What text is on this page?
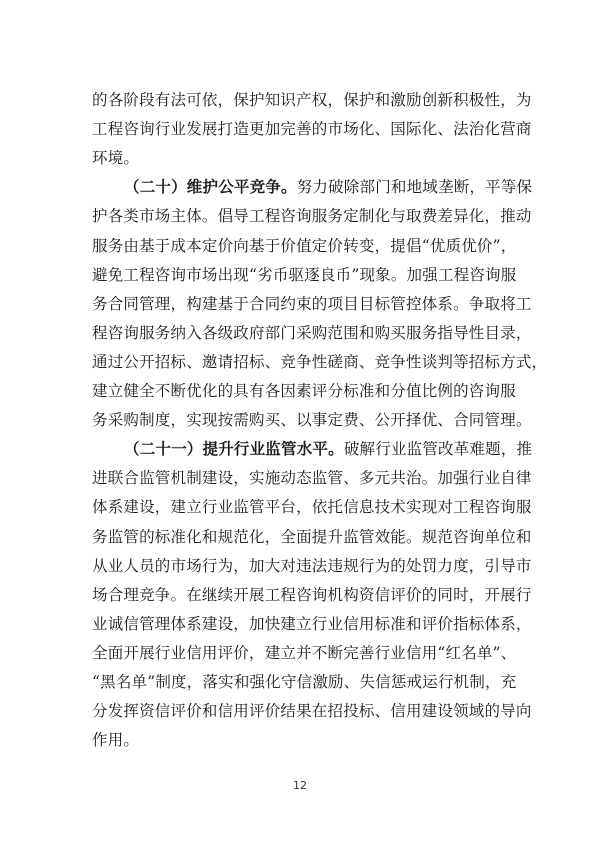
12
的各阶段有法可依，保护知识产权，保护和激励创新积极性，为
工程咨询行业发展打造更加完善的市场化、国际化、法治化营商
环境。
（二十）维护公平竞争。努力破除部门和地域垄断，平等保
护各类市场主体。倡导工程咨询服务定制化与取费差异化，推动
服务由基于成本定价向基于价值定价转变，提倡“优质优价”，
避免工程咨询市场出现“劣币驱逐良币”现象。加强工程咨询服
务合同管理，构建基于合同约束的项目目标管控体系。争取将工
程咨询服务纳入各级政府部门采购范围和购买服务指导性目录，
通过公开招标、邀请招标、竞争性磋商、竞争性谈判等招标方式，
建立健全不断优化的具有各因素评分标准和分值比例的咨询服
务采购制度，实现按需购买、以事定费、公开择优、合同管理。
（二十一）提升行业监管水平。破解行业监管改革难题，推
进联合监管机制建设，实施动态监管、多元共治。加强行业自律
体系建设，建立行业监管平台，依托信息技术实现对工程咨询服
务监管的标准化和规范化，全面提升监管效能。规范咨询单位和
从业人员的市场行为，加大对违法违规行为的处罚力度，引导市
场合理竞争。在继续开展工程咨询机构资信评价的同时，开展行
业诚信管理体系建设，加快建立行业信用标准和评价指标体系，
全面开展行业信用评价，建立并不断完善行业信用“红名单”、
“黑名单”制度，落实和强化守信激励、失信惩戒运行机制，充
分发挥资信评价和信用评价结果在招投标、信用建设领域的导向
作用。
